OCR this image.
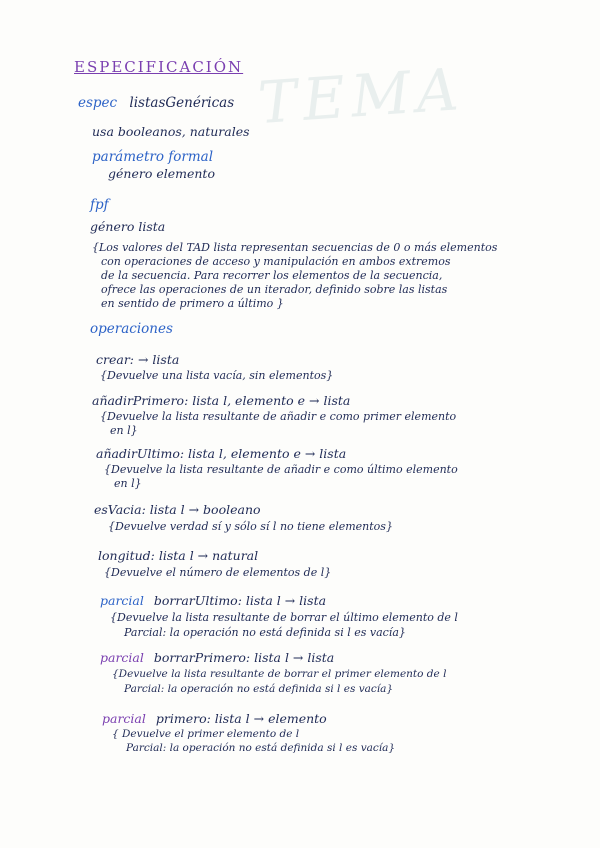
TEMA
ESPECIFICACIÓN
espec listasGenéricas
usa booleanos, naturales
parámetro formal
género elemento
fpf
género lista
{Los valores del TAD lista representan secuencias de 0 o más elementos
con operaciones de acceso y manipulación en ambos extremos
de la secuencia. Para recorrer los elementos de la secuencia,
ofrece las operaciones de un iterador, definido sobre las listas
en sentido de primero a último }
operaciones
crear: → lista
{Devuelve una lista vacía, sin elementos}
añadirPrimero: lista l, elemento e → lista
{Devuelve la lista resultante de añadir e como primer elemento
en l}
añadirUltimo: lista l, elemento e → lista
{Devuelve la lista resultante de añadir e como último elemento
en l}
esVacia: lista l → booleano
{Devuelve verdad sí y sólo sí l no tiene elementos}
longitud: lista l → natural
{Devuelve el número de elementos de l}
parcial borrarUltimo: lista l → lista
{Devuelve la lista resultante de borrar el último elemento de l
Parcial: la operación no está definida si l es vacía}
parcial borrarPrimero: lista l → lista
{Devuelve la lista resultante de borrar el primer elemento de l
Parcial: la operación no está definida si l es vacía}
parcial primero: lista l → elemento
{ Devuelve el primer elemento de l
Parcial: la operación no está definida si l es vacía}
